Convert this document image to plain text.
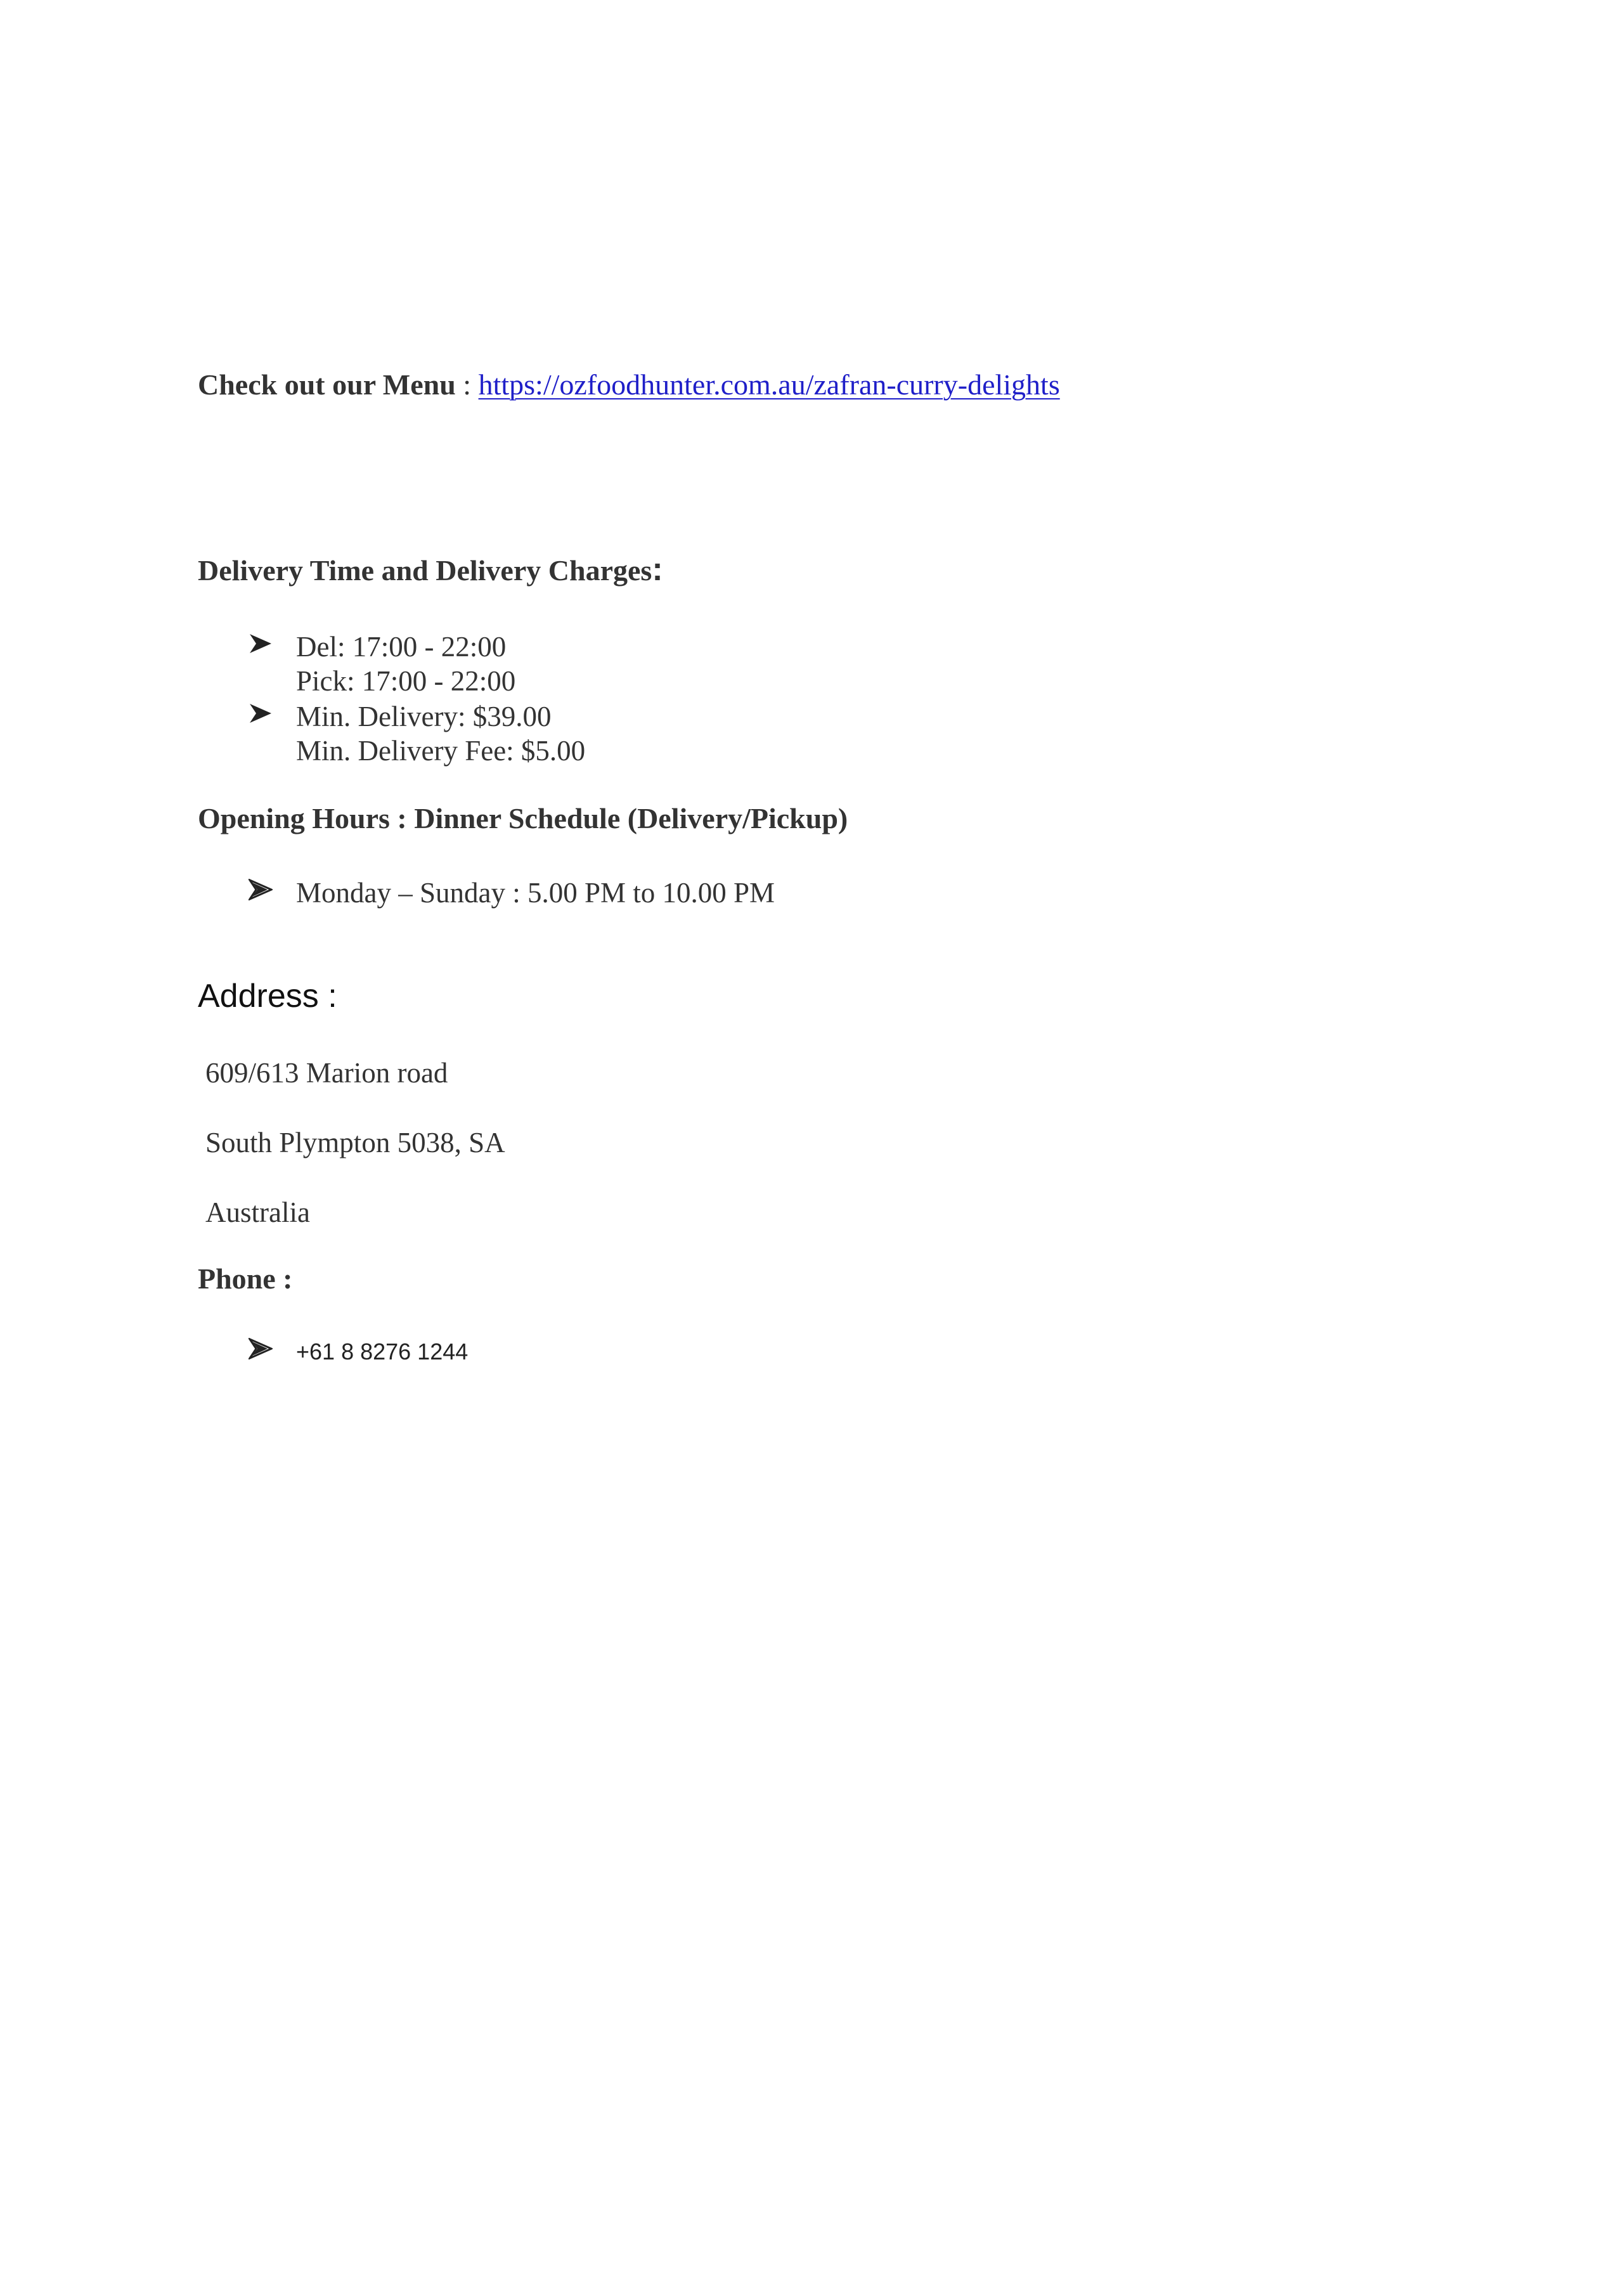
Check out our Menu : https://ozfoodhunter.com.au/zafran-curry-delights
Delivery Time and Delivery Charges:
Del: 17:00 - 22:00
Pick: 17:00 - 22:00
Min. Delivery: $39.00
Min. Delivery Fee: $5.00
Opening Hours : Dinner Schedule (Delivery/Pickup)
Monday – Sunday : 5.00 PM to 10.00 PM
Address :
609/613 Marion road
South Plympton 5038, SA
Australia
Phone :
+61 8 8276 1244
